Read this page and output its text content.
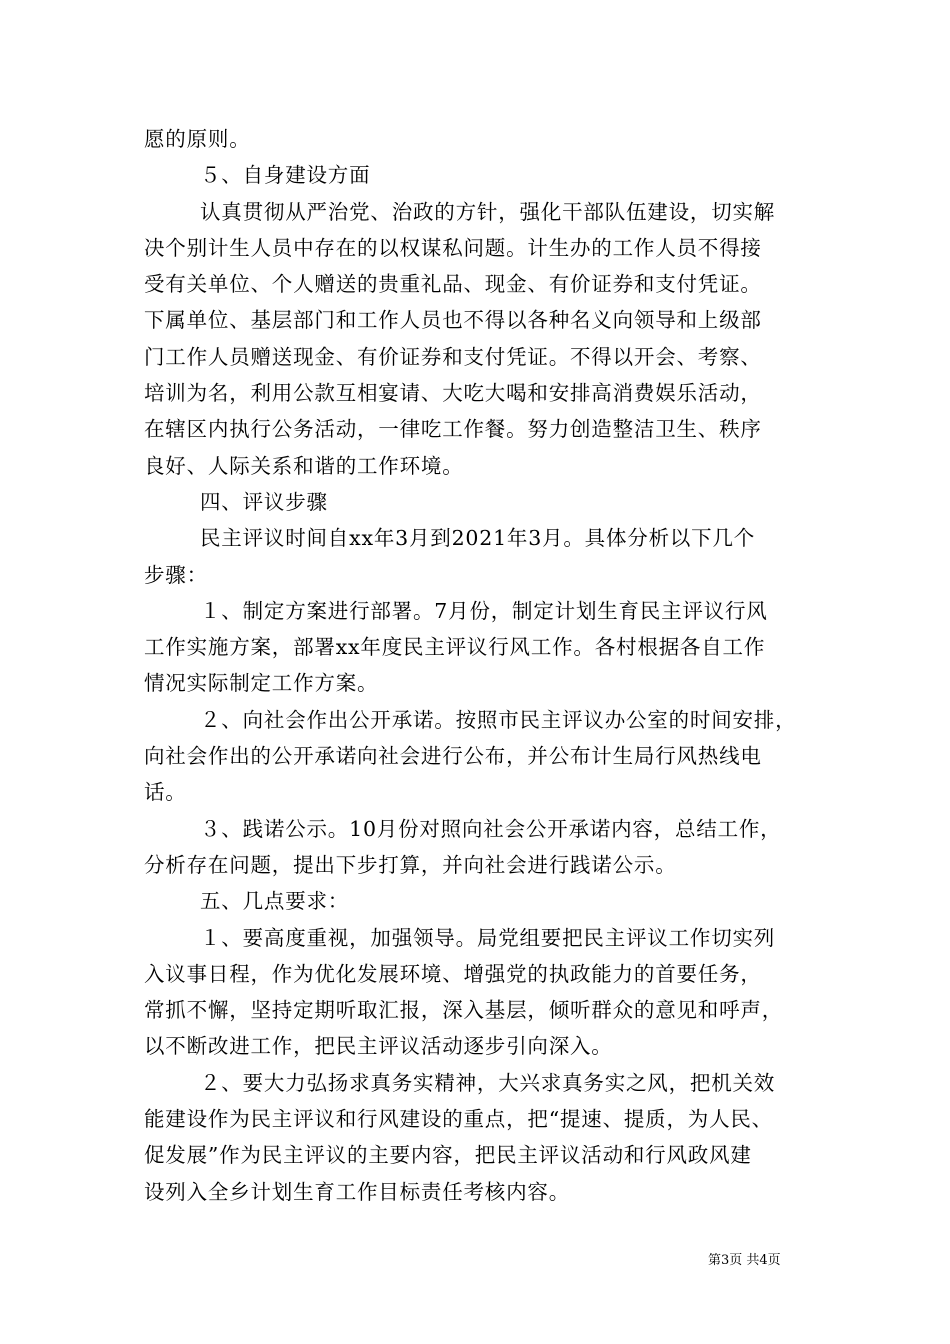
愿的原则。
５、自身建设方面
认真贯彻从严治党、治政的方针，强化干部队伍建设，切实解
决个别计生人员中存在的以权谋私问题。计生办的工作人员不得接
受有关单位、个人赠送的贵重礼品、现金、有价证券和支付凭证。
下属单位、基层部门和工作人员也不得以各种名义向领导和上级部
门工作人员赠送现金、有价证券和支付凭证。不得以开会、考察、
培训为名，利用公款互相宴请、大吃大喝和安排高消费娱乐活动，
在辖区内执行公务活动，一律吃工作餐。努力创造整洁卫生、秩序
良好、人际关系和谐的工作环境。
四、评议步骤
民主评议时间自xx年3月到2021年3月。具体分析以下几个
步骤：
１、制定方案进行部署。7月份，制定计划生育民主评议行风
工作实施方案，部署xx年度民主评议行风工作。各村根据各自工作
情况实际制定工作方案。
２、向社会作出公开承诺。按照市民主评议办公室的时间安排，
向社会作出的公开承诺向社会进行公布，并公布计生局行风热线电
话。
３、践诺公示。10月份对照向社会公开承诺内容，总结工作，
分析存在问题，提出下步打算，并向社会进行践诺公示。
五、几点要求：
１、要高度重视，加强领导。局党组要把民主评议工作切实列
入议事日程，作为优化发展环境、增强党的执政能力的首要任务，
常抓不懈，坚持定期听取汇报，深入基层，倾听群众的意见和呼声，
以不断改进工作，把民主评议活动逐步引向深入。
２、要大力弘扬求真务实精神，大兴求真务实之风，把机关效
能建设作为民主评议和行风建设的重点，把“提速、提质，为人民、
促发展”作为民主评议的主要内容，把民主评议活动和行风政风建
设列入全乡计划生育工作目标责任考核内容。
第3页 共4页
